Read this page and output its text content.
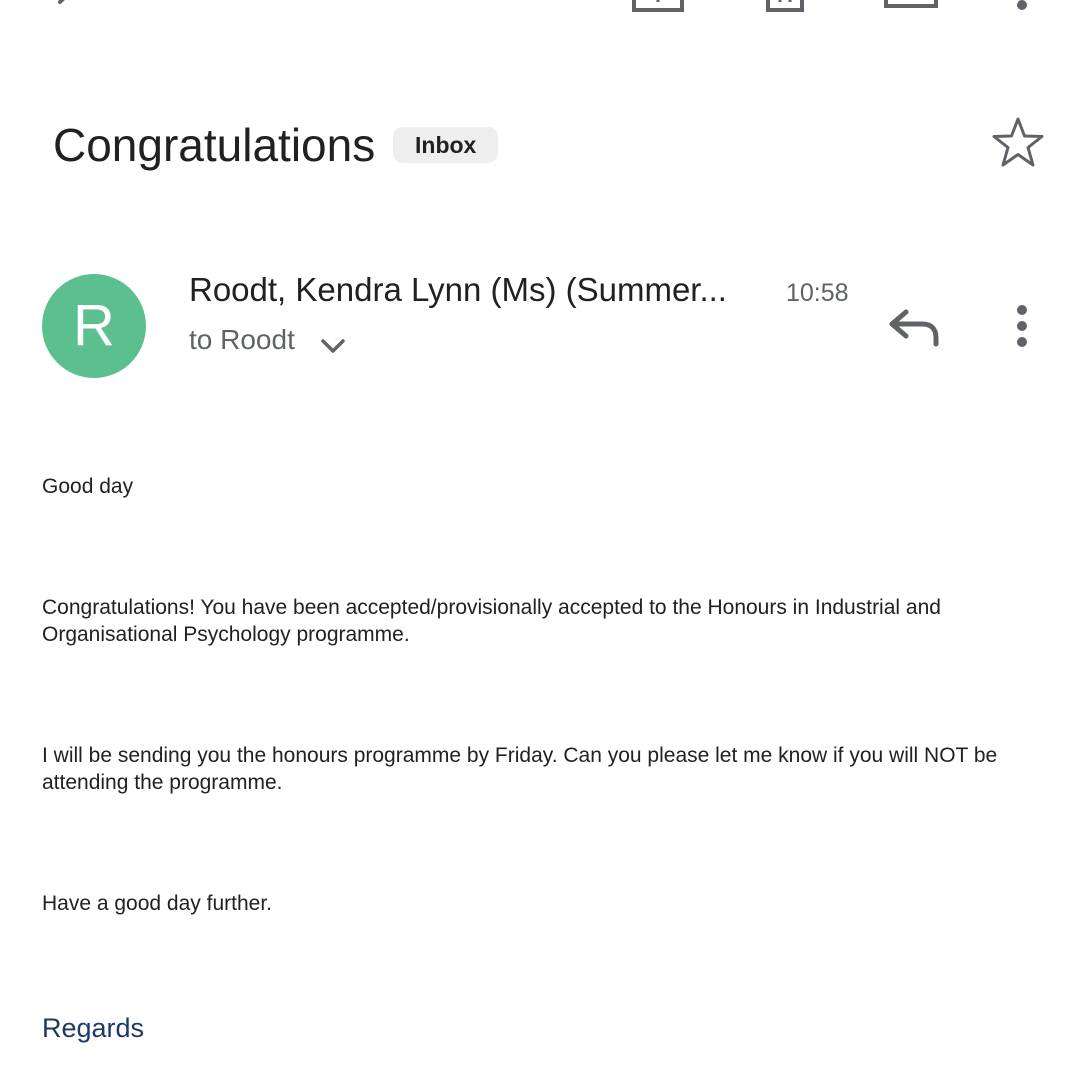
Congratulations	Inbox
R
Roodt, Kendra Lynn (Ms) (Summer... 10:58
to Roodt
Good day
Congratulations! You have been accepted/provisionally accepted to the Honours in Industrial and Organisational Psychology programme.
I will be sending you the honours programme by Friday. Can you please let me know if you will NOT be attending the programme.
Have a good day further.
Regards
